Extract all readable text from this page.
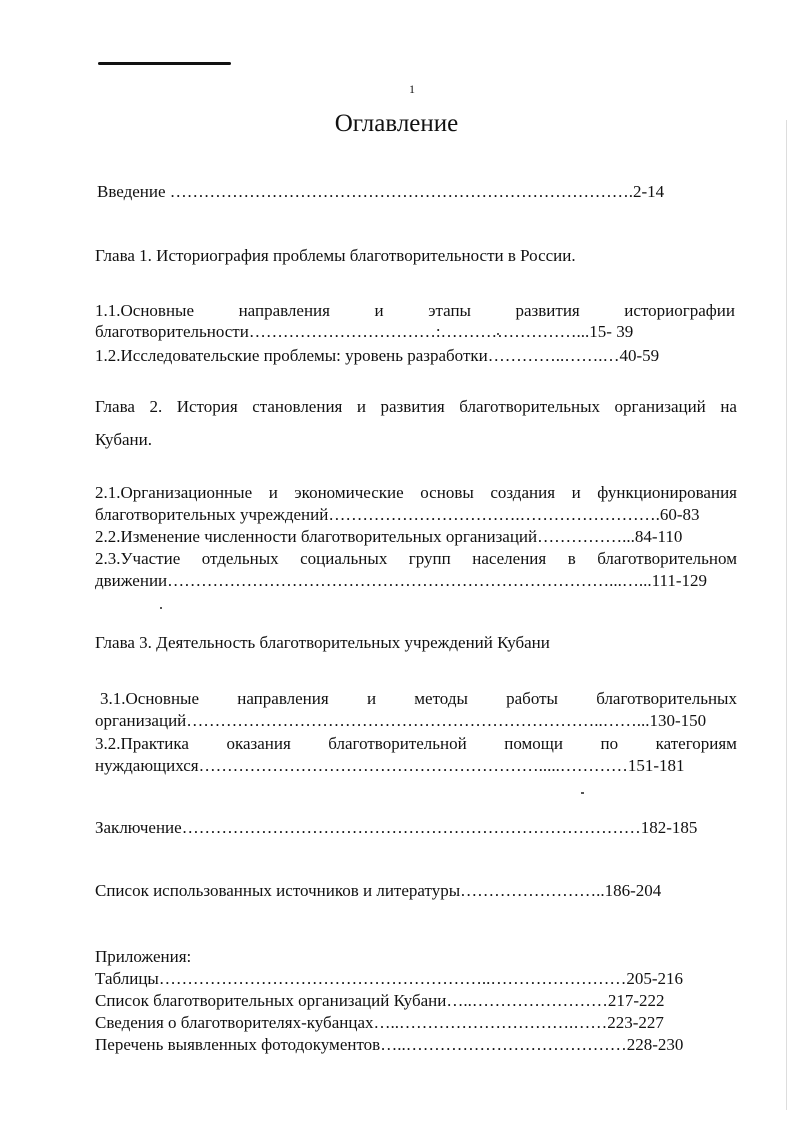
1
Оглавление
Введение ……………………………………………………………………….2-14
Глава 1. Историография проблемы благотворительности в России.
1.1.Основные	направления	и	этапы	развития	историографии
благотворительности……………………………:……………………...15- 39
1.2.Исследовательские проблемы: уровень разработки…………..…….…40-59
Глава 2. История становления и развития благотворительных организаций на
Кубани.
2.1.Организационные и экономические основы создания и функционирования
благотворительных учреждений…………………………….…………………….60-83
2.2.Изменение численности благотворительных организаций……………...84-110
2.3.Участие отдельных социальных групп населения в благотворительном
движении……………………………………………………………………...…...111-129
Глава 3. Деятельность благотворительных учреждений Кубани
3.1.Основные направления и методы работы благотворительных
организаций………………………………………………………………..……...130-150
3.2.Практика оказания благотворительной помощи по категориям
нуждающихся…………………………………………………….....…………151-181
Заключение………………………………………………………………………182-185
Список использованных источников и литературы……………………..186-204
Приложения:
Таблицы…………………………………………………..……………………205-216
Список благотворительных организаций Кубани…..……………………217-222
Сведения о благотворителях-кубанцах…..………………………….……223-227
Перечень выявленных фотодокументов…..…………………………………228-230
